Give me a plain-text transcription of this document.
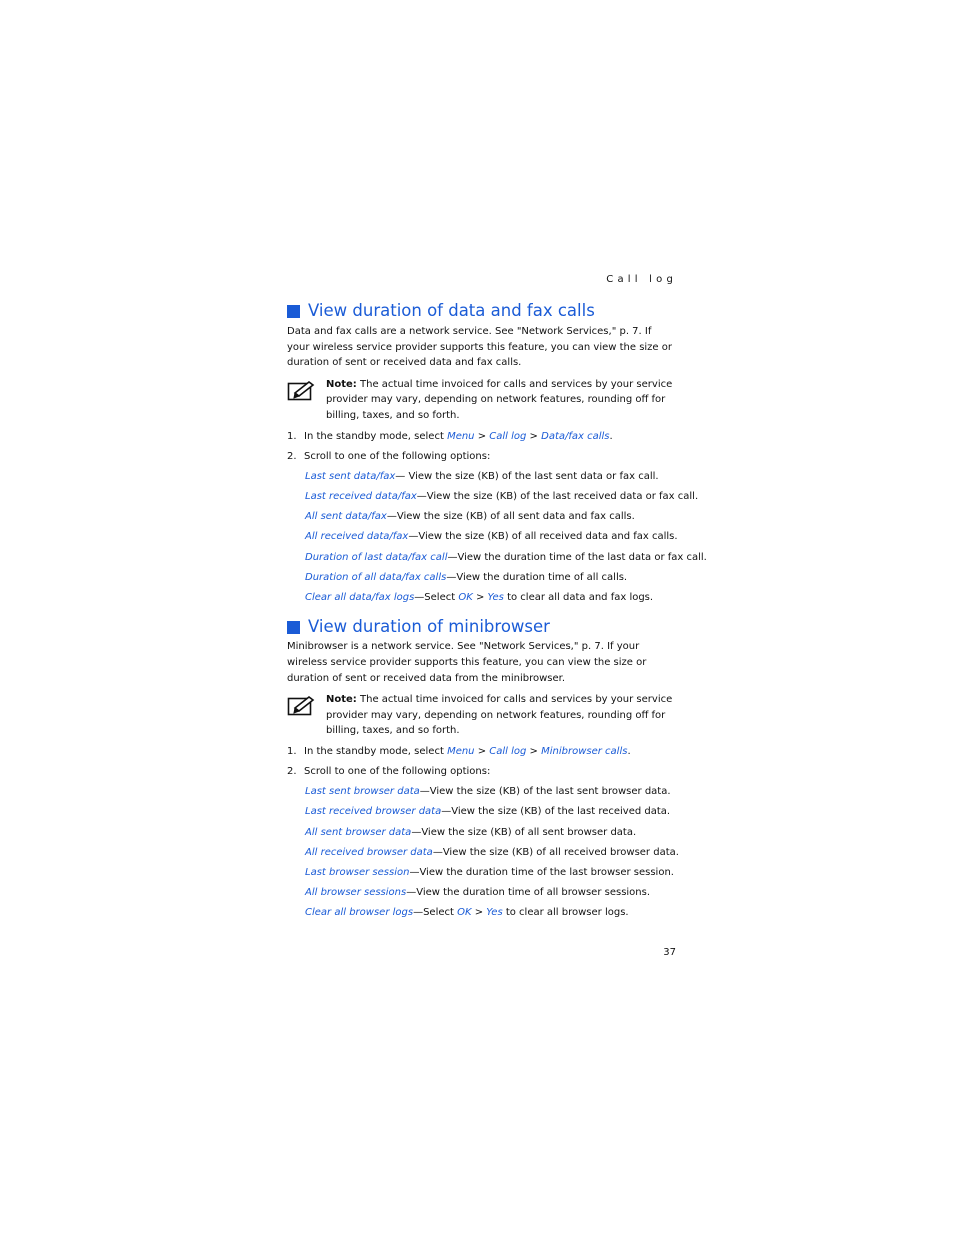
Call log
View duration of data and fax calls

Data and fax calls are a network service. See "Network Services," p. 7. If your wireless service provider supports this feature, you can view the size or duration of sent or received data and fax calls.

Note: The actual time invoiced for calls and services by your service provider may vary, depending on network features, rounding off for billing, taxes, and so forth.
1. In the standby mode, select Menu > Call log > Data/fax calls.
2. Scroll to one of the following options:
Last sent data/fax— View the size (KB) of the last sent data or fax call.
Last received data/fax—View the size (KB) of the last received data or fax call.
All sent data/fax—View the size (KB) of all sent data and fax calls.
All received data/fax—View the size (KB) of all received data and fax calls.
Duration of last data/fax call—View the duration time of the last data or fax call.
Duration of all data/fax calls—View the duration time of all calls.
Clear all data/fax logs—Select OK > Yes to clear all data and fax logs.
View duration of minibrowser

Minibrowser is a network service. See "Network Services," p. 7. If your wireless service provider supports this feature, you can view the size or duration of sent or received data from the minibrowser.

Note: The actual time invoiced for calls and services by your service provider may vary, depending on network features, rounding off for billing, taxes, and so forth.
1. In the standby mode, select Menu > Call log > Minibrowser calls.
2. Scroll to one of the following options:
Last sent browser data—View the size (KB) of the last sent browser data.
Last received browser data—View the size (KB) of the last received data.
All sent browser data—View the size (KB) of all sent browser data.
All received browser data—View the size (KB) of all received browser data.
Last browser session—View the duration time of the last browser session.
All browser sessions—View the duration time of all browser sessions.
Clear all browser logs—Select OK > Yes to clear all browser logs.
37
